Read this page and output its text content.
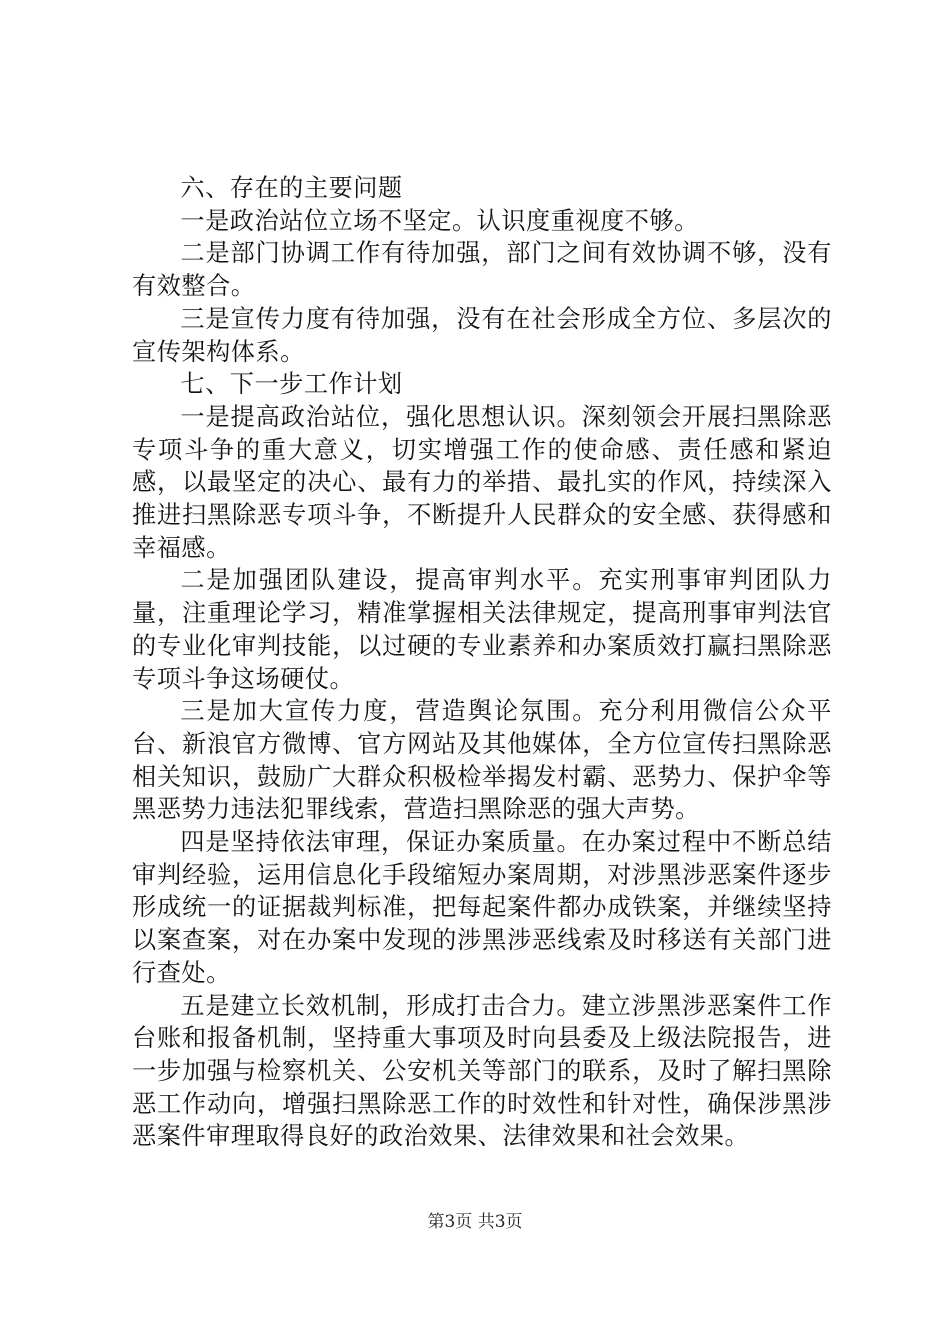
六、存在的主要问题

一是政治站位立场不坚定。认识度重视度不够。

二是部门协调工作有待加强，部门之间有效协调不够，没有有效整合。

三是宣传力度有待加强，没有在社会形成全方位、多层次的宣传架构体系。

七、下一步工作计划

一是提高政治站位，强化思想认识。深刻领会开展扫黑除恶专项斗争的重大意义，切实增强工作的使命感、责任感和紧迫感，以最坚定的决心、最有力的举措、最扎实的作风，持续深入推进扫黑除恶专项斗争，不断提升人民群众的安全感、获得感和幸福感。

二是加强团队建设，提高审判水平。充实刑事审判团队力量，注重理论学习，精准掌握相关法律规定，提高刑事审判法官的专业化审判技能，以过硬的专业素养和办案质效打赢扫黑除恶专项斗争这场硬仗。

三是加大宣传力度，营造舆论氛围。充分利用微信公众平台、新浪官方微博、官方网站及其他媒体，全方位宣传扫黑除恶相关知识，鼓励广大群众积极检举揭发村霸、恶势力、保护伞等黑恶势力违法犯罪线索，营造扫黑除恶的强大声势。

四是坚持依法审理，保证办案质量。在办案过程中不断总结审判经验，运用信息化手段缩短办案周期，对涉黑涉恶案件逐步形成统一的证据裁判标准，把每起案件都办成铁案，并继续坚持以案查案，对在办案中发现的涉黑涉恶线索及时移送有关部门进行查处。

五是建立长效机制，形成打击合力。建立涉黑涉恶案件工作台账和报备机制，坚持重大事项及时向县委及上级法院报告，进一步加强与检察机关、公安机关等部门的联系，及时了解扫黑除恶工作动向，增强扫黑除恶工作的时效性和针对性，确保涉黑涉恶案件审理取得良好的政治效果、法律效果和社会效果。

第3页 共3页
